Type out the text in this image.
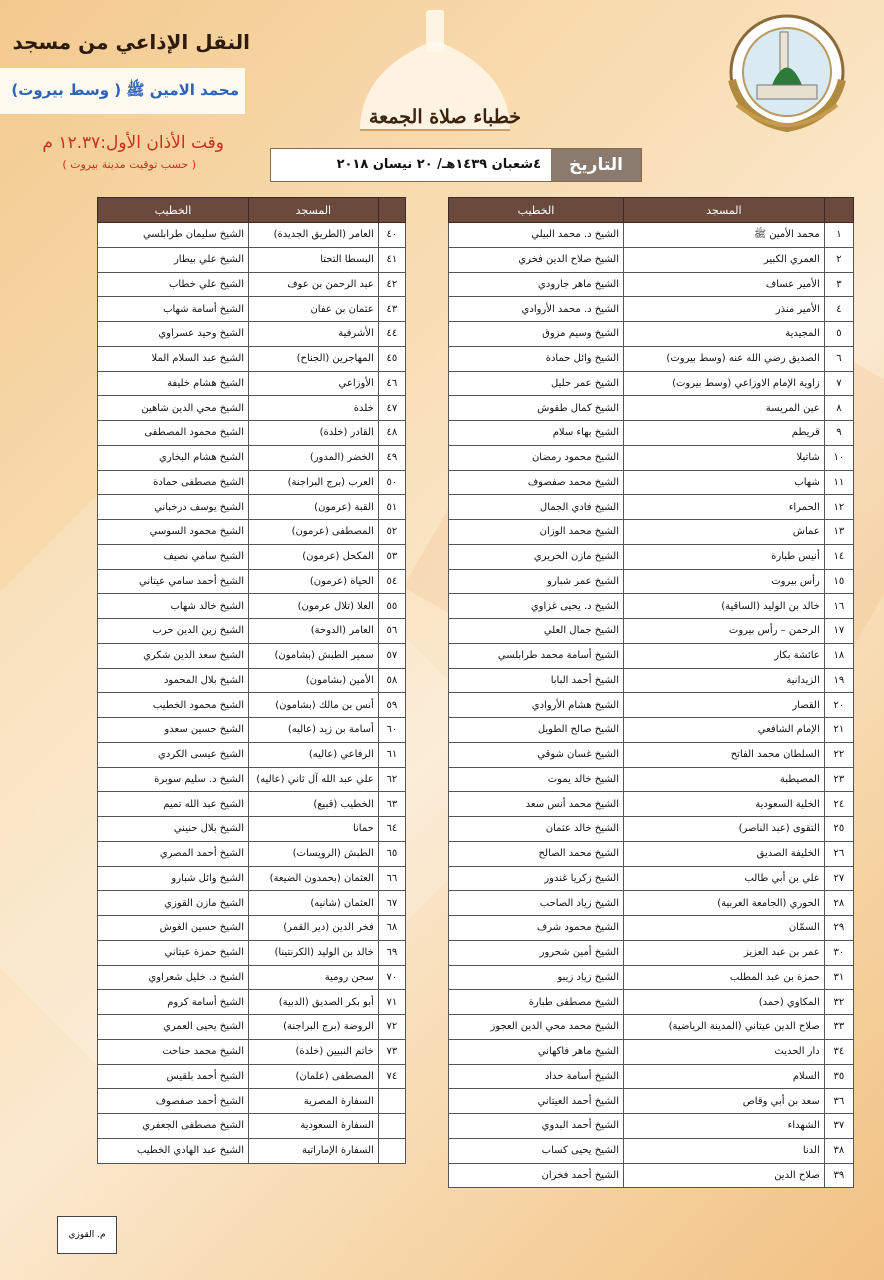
خطباء صلاة الجمعة
النقل الإذاعي من مسجد
محمد الامين ﷺ ( وسط بيروت)
وقت الأذان الأول:١٢.٣٧ م
( حسب توقيت مدينة بيروت )	التاريخ
٤شعبان ١٤٣٩هـ/ ٢٠ نيسان ٢٠١٨
	المسجد	الخطيب
١	محمد الأمين ﷺ	الشيخ د. محمد البيلي
٢	العمري الكبير	الشيخ صلاح الدين فخري
٣	الأمير عساف	الشيخ ماهر جارودي
٤	الأمير منذر	الشيخ د. محمد الأروادي
٥	المجيدية	الشيخ وسيم مزوق
٦	الصديق رضي الله عنه (وسط بيروت)	الشيخ وائل حمادة
٧	زاوية الإمام الاوزاعي (وسط بيروت)	الشيخ عمر حليل
٨	عين المريسة	الشيخ كمال طقوش
٩	قريطم	الشيخ بهاء سلام
١٠	شاتيلا	الشيخ محمود رمضان
١١	شهاب	الشيخ محمد صفصوف
١٢	الحمراء	الشيخ فادي الجمال
١٣	عماش	الشيخ محمد الوزان
١٤	أنيس طبارة	الشيخ مازن الحريري
١٥	رأس بيروت	الشيخ عمر شبارو
١٦	خالد بن الوليد (الساقية)	الشيخ د. يحيى غزاوي
١٧	الرحمن – رأس بيروت	الشيخ جمال العلي
١٨	عائشة بكار	الشيخ أسامة محمد طرابلسي
١٩	الزيدانية	الشيخ أحمد البابا
٢٠	القصار	الشيخ هشام الأروادي
٢١	الإمام الشافعي	الشيخ صالح الطويل
٢٢	السلطان محمد الفاتح	الشيخ غسان شوقي
٢٣	المصيطبة	الشيخ خالد يموت
٢٤	الخلية السعودية	الشيخ محمد أنس سعد
٢٥	التقوى (عبد الناصر)	الشيخ خالد عثمان
٢٦	الخليفة الصديق	الشيخ محمد الصالح
٢٧	علي بن أبي طالب	الشيخ زكريا غندور
٢٨	الحوري (الجامعة العربية)	الشيخ زياد الصاحب
٢٩	السمّان	الشيخ محمود شرف
٣٠	عمر بن عبد العزيز	الشيخ أمين شحرور
٣١	حمزة بن عبد المطلب	الشيخ زياد زيبو
٣٢	المكاوي (حمد)	الشيخ مصطفى طبارة
٣٣	صلاح الدين عيتاني (المدينة الرياضية)	الشيخ محمد محي الدين العجوز
٣٤	دار الحديث	الشيخ ماهر فاكهاني
٣٥	السلام	الشيخ أسامة حداد
٣٦	سعد بن أبي وقاص	الشيخ أحمد العيتاني
٣٧	الشهداء	الشيخ أحمد البدوي
٣٨	الدنا	الشيخ يحيى كساب
٣٩	صلاح الدين	الشيخ أحمد فخران
	المسجد	الخطيب
٤٠	العامر (الطريق الجديدة)	الشيخ سليمان طرابلسي
٤١	البسطا التحتا	الشيخ علي بيطار
٤٢	عبد الرحمن بن عوف	الشيخ علي خطاب
٤٣	عثمان بن عفان	الشيخ أسامة شهاب
٤٤	الأشرفية	الشيخ وحيد عسراوي
٤٥	المهاجرين (الجناح)	الشيخ عبد السلام الملا
٤٦	الأوزاعي	الشيخ هشام خليفة
٤٧	خلدة	الشيخ محي الدين شاهين
٤٨	القادر (خلدة)	الشيخ محمود المصطفى
٤٩	الخضر (المدور)	الشيخ هشام البخاري
٥٠	العرب (برج البراجنة)	الشيخ مصطفى حمادة
٥١	القبة (عرمون)	الشيخ يوسف درخباني
٥٢	المصطفى (عرمون)	الشيخ محمود السوسي
٥٣	المكحل (عرمون)	الشيخ سامي نصيف
٥٤	الحياة (عرمون)	الشيخ أحمد سامي عيتاني
٥٥	العلا (تلال عرمون)	الشيخ خالد شهاب
٥٦	العامر (الدوحة)	الشيخ زين الدين حرب
٥٧	سمير الطبش (بشامون)	الشيخ سعد الدين شكري
٥٨	الأمين (بشامون)	الشيخ بلال المحمود
٥٩	أنس بن مالك (بشامون)	الشيخ محمود الخطيب
٦٠	أسامة بن زيد (عاليه)	الشيخ حسين سعدو
٦١	الرفاعي (عاليه)	الشيخ عيسى الكردي
٦٢	علي عبد الله آل ثاني (عاليه)	الشيخ د. سليم سوبرة
٦٣	الخطيب (قبيع)	الشيخ عبد الله تميم
٦٤	حمانا	الشيخ بلال حنيني
٦٥	الطبش (الرويسات)	الشيخ أحمد المصري
٦٦	العثمان (بحمدون الضيعة)	الشيخ وائل شبارو
٦٧	العثمان (شانيه)	الشيخ مازن القوزي
٦٨	فخر الدين (دير القمر)	الشيخ حسين الغوش
٦٩	خالد بن الوليد (الكرنتينا)	الشيخ حمزة عيتاني
٧٠	سجن رومية	الشيخ د. خليل شعراوي
٧١	أبو بكر الصديق (الدبية)	الشيخ أسامة كروم
٧٢	الروضة (برج البراجنة)	الشيخ يحيى العمري
٧٣	خاتم النبيين (خلدة)	الشيخ محمد حناحت
٧٤	المصطفى (علمان)	الشيخ أحمد بلقيس
	السفارة المصرية	الشيخ أحمد صفصوف
	السفارة السعودية	الشيخ مصطفى الجعفري
	السفارة الإماراتية	الشيخ عبد الهادي الخطيب
م. القوزي
